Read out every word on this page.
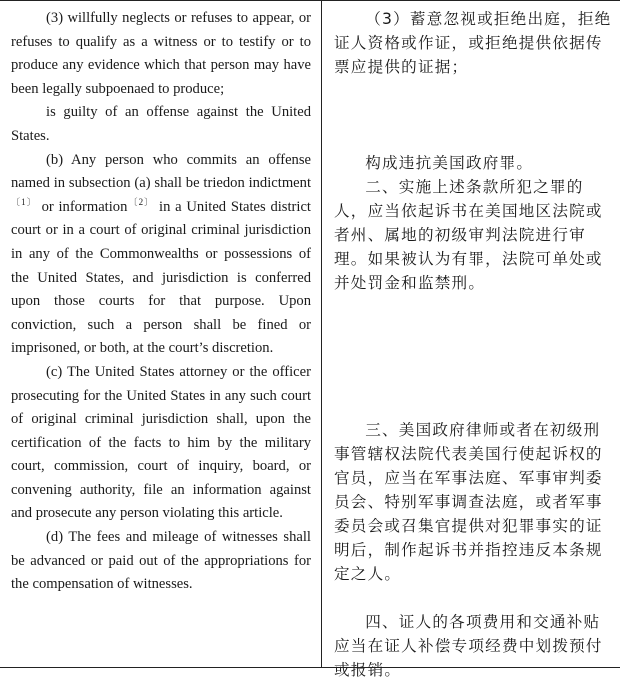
(3) willfully neglects or refuses to appear, or refuses to qualify as a witness or to testify or to produce any evidence which that person may have been legally subpoenaed to produce;

is guilty of an offense against the United States.

(b) Any person who commits an offense named in subsection (a) shall be triedon indictment$^{〔1〕}$ or information$^{〔2〕}$ in a United States district court or in a court of original criminal jurisdiction in any of the Commonwealths or possessions of the United States, and jurisdiction is conferred upon those courts for that purpose. Upon conviction, such a person shall be fined or imprisoned, or both, at the court’s discretion.

(c) The United States attorney or the officer prosecuting for the United States in any such court of original criminal jurisdiction shall, upon the certification of the facts to him by the military court, commission, court of inquiry, board, or convening authority, file an information against and prosecute any person violating this article.

(d) The fees and mileage of witnesses shall be advanced or paid out of the appropriations for the compensation of witnesses.

（3）蓄意忽视或拒绝出庭，拒绝证人资格或作证，或拒绝提供依据传票应提供的证据；

构成违抗美国政府罪。

二、实施上述条款所犯之罪的人，应当依起诉书在美国地区法院或者州、属地的初级审判法院进行审理。如果被认为有罪，法院可单处或并处罚金和监禁刑。

三、美国政府律师或者在初级刑事管辖权法院代表美国行使起诉权的官员，应当在军事法庭、军事审判委员会、特别军事调查法庭，或者军事委员会或召集官提供对犯罪事实的证明后，制作起诉书并指控违反本条规定之人。

四、证人的各项费用和交通补贴应当在证人补偿专项经费中划拨预付或报销。
